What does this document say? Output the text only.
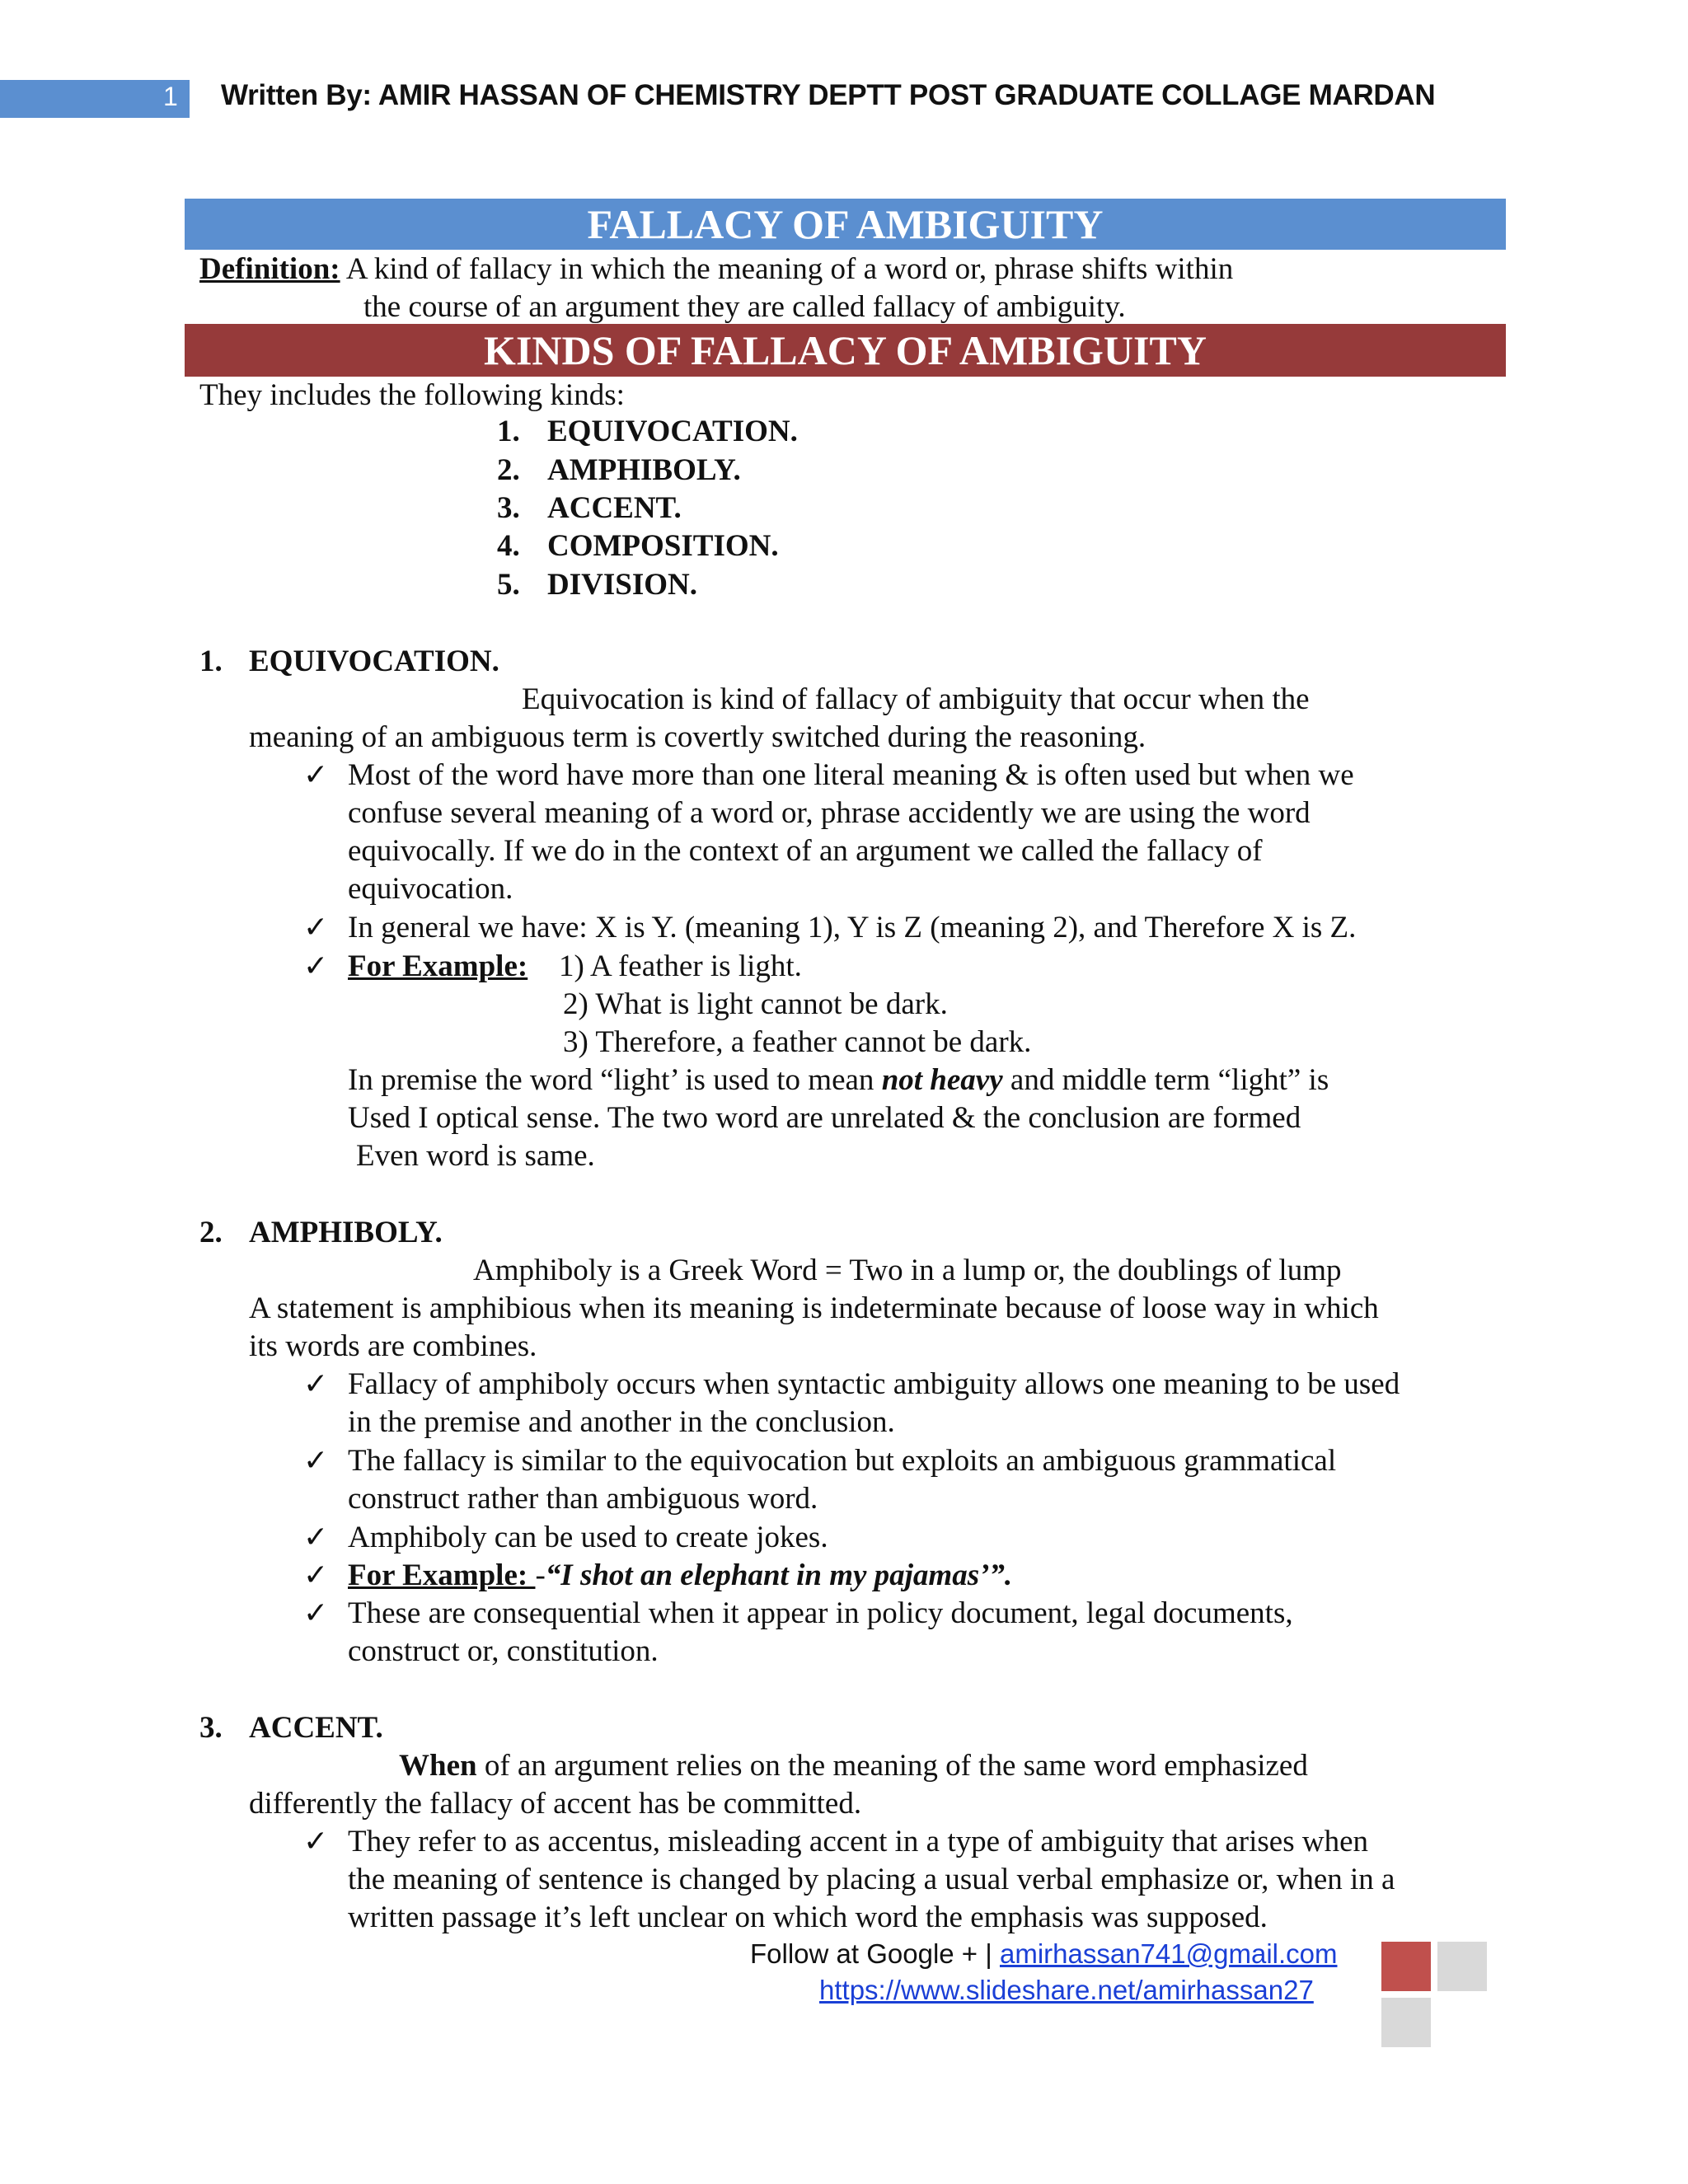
1 Written By: AMIR HASSAN OF CHEMISTRY DEPTT POST GRADUATE COLLAGE MARDAN
FALLACY OF AMBIGUITY
Definition: A kind of fallacy in which the meaning of a word or, phrase shifts within
the course of an argument they are called fallacy of ambiguity.
KINDS OF FALLACY OF AMBIGUITY
They includes the following kinds:
1. EQUIVOCATION.
2. AMPHIBOLY.
3. ACCENT.
4. COMPOSITION.
5. DIVISION.
1. EQUIVOCATION.
Equivocation is kind of fallacy of ambiguity that occur when the
meaning of an ambiguous term is covertly switched during the reasoning.
✓ Most of the word have more than one literal meaning & is often used but when we
confuse several meaning of a word or, phrase accidently we are using the word
equivocally. If we do in the context of an argument we called the fallacy of
equivocation.
✓ In general we have: X is Y. (meaning 1), Y is Z (meaning 2), and Therefore X is Z.
✓ For Example: 1) A feather is light.
2) What is light cannot be dark.
3) Therefore, a feather cannot be dark.
In premise the word “light’ is used to mean not heavy and middle term “light” is
Used I optical sense. The two word are unrelated & the conclusion are formed
Even word is same.
2. AMPHIBOLY.
Amphiboly is a Greek Word = Two in a lump or, the doublings of lump
A statement is amphibious when its meaning is indeterminate because of loose way in which
its words are combines.
✓ Fallacy of amphiboly occurs when syntactic ambiguity allows one meaning to be used
in the premise and another in the conclusion.
✓ The fallacy is similar to the equivocation but exploits an ambiguous grammatical
construct rather than ambiguous word.
✓ Amphiboly can be used to create jokes.
✓ For Example: -“I shot an elephant in my pajamas’”.
✓ These are consequential when it appear in policy document, legal documents,
construct or, constitution.
3. ACCENT.
When of an argument relies on the meaning of the same word emphasized
differently the fallacy of accent has be committed.
✓ They refer to as accentus, misleading accent in a type of ambiguity that arises when
the meaning of sentence is changed by placing a usual verbal emphasize or, when in a
written passage it’s left unclear on which word the emphasis was supposed.
Follow at Google + | amirhassan741@gmail.com
https://www.slideshare.net/amirhassan27
